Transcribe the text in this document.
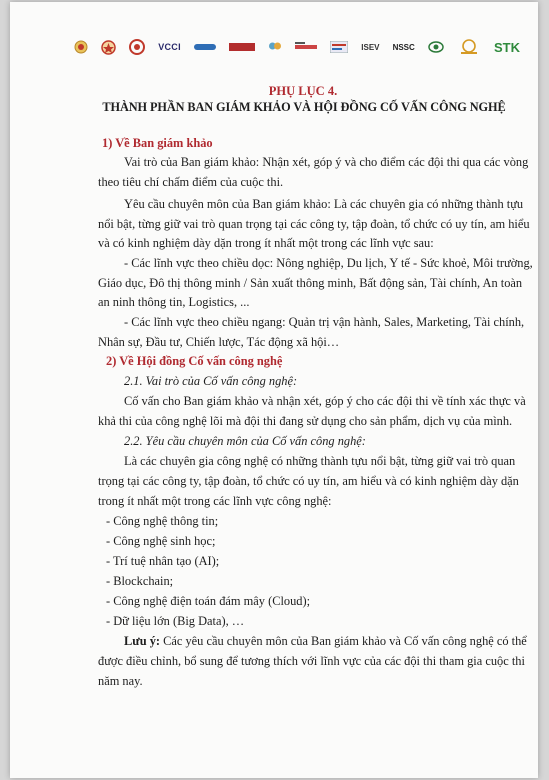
VCCI	ISEV NSSC	STK
PHỤ LỤC 4.
THÀNH PHẦN BAN GIÁM KHẢO VÀ HỘI ĐỒNG CỐ VẤN CÔNG NGHỆ
1) Về Ban giám khảo
Vai trò của Ban giám khảo: Nhận xét, góp ý và cho điểm các đội thi qua các vòng
theo tiêu chí chấm điểm của cuộc thi.
Yêu cầu chuyên môn của Ban giám khảo: Là các chuyên gia có những thành tựu
nổi bật, từng giữ vai trò quan trọng tại các công ty, tập đoàn, tổ chức có uy tín, am hiểu
và có kinh nghiệm dày dặn trong ít nhất một trong các lĩnh vực sau:
- Các lĩnh vực theo chiều dọc: Nông nghiệp, Du lịch, Y tế - Sức khoẻ, Môi trường,
Giáo dục, Đô thị thông minh / Sản xuất thông minh, Bất động sản, Tài chính, An toàn
an ninh thông tin, Logistics, ...
- Các lĩnh vực theo chiều ngang: Quản trị vận hành, Sales, Marketing, Tài chính,
Nhân sự, Đầu tư, Chiến lược, Tác động xã hội…
2) Về Hội đồng Cố vấn công nghệ
2.1. Vai trò của Cố vấn công nghệ:
Cố vấn cho Ban giám khảo và nhận xét, góp ý cho các đội thi về tính xác thực và
khả thi của công nghệ lõi mà đội thi đang sử dụng cho sản phẩm, dịch vụ của mình.
2.2. Yêu cầu chuyên môn của Cố vấn công nghệ:
Là các chuyên gia công nghệ có những thành tựu nổi bật, từng giữ vai trò quan
trọng tại các công ty, tập đoàn, tổ chức có uy tín, am hiểu và có kinh nghiệm dày dặn
trong ít nhất một trong các lĩnh vực công nghệ:
- Công nghệ thông tin;
- Công nghệ sinh học;
- Trí tuệ nhân tạo (AI);
- Blockchain;
- Công nghệ điện toán đám mây (Cloud);
- Dữ liệu lớn (Big Data), …
Lưu ý: Các yêu cầu chuyên môn của Ban giám khảo và Cố vấn công nghệ có thể
được điều chỉnh, bổ sung để tương thích với lĩnh vực của các đội thi tham gia cuộc thi
năm nay.
